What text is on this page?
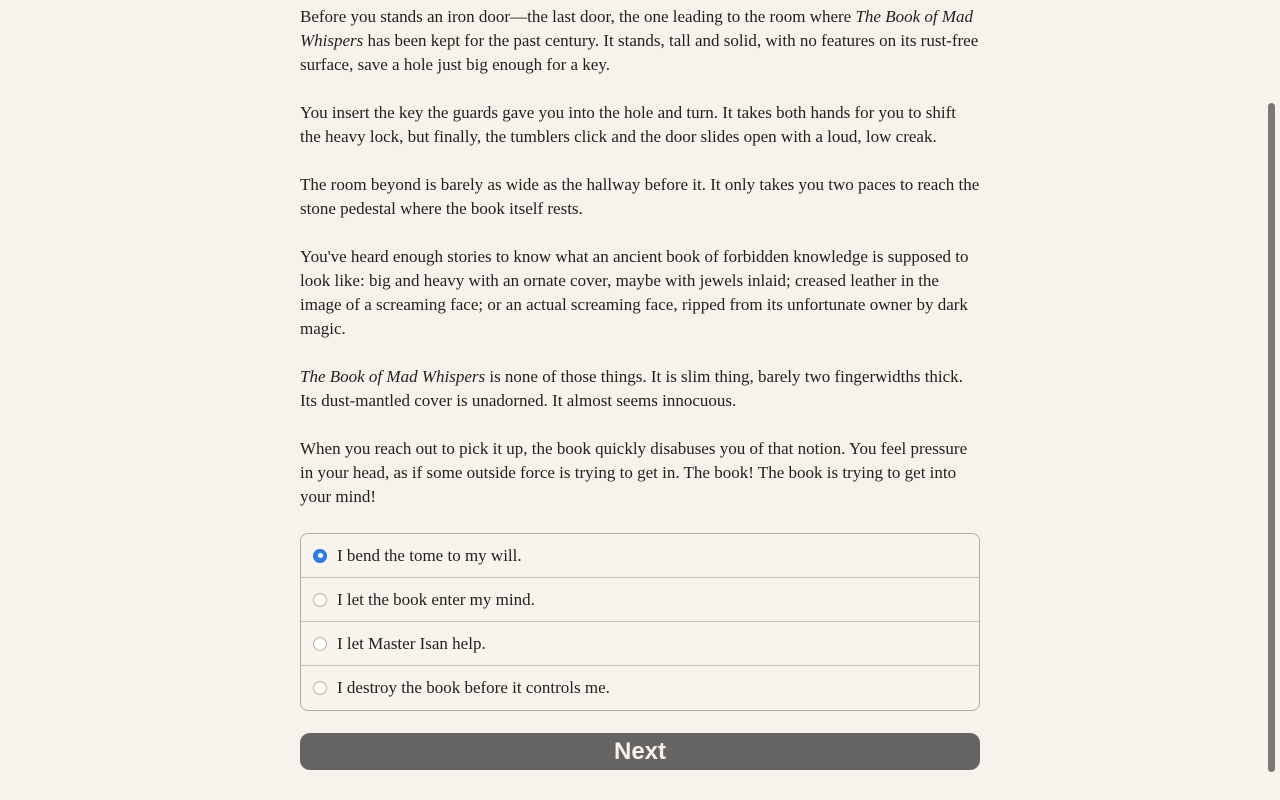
Before you stands an iron door—the last door, the one leading to the room where The Book of Mad Whispers has been kept for the past century. It stands, tall and solid, with no features on its rust-free surface, save a hole just big enough for a key.

You insert the key the guards gave you into the hole and turn. It takes both hands for you to shift the heavy lock, but finally, the tumblers click and the door slides open with a loud, low creak.

The room beyond is barely as wide as the hallway before it. It only takes you two paces to reach the stone pedestal where the book itself rests.

You've heard enough stories to know what an ancient book of forbidden knowledge is supposed to look like: big and heavy with an ornate cover, maybe with jewels inlaid; creased leather in the image of a screaming face; or an actual screaming face, ripped from its unfortunate owner by dark magic.

The Book of Mad Whispers is none of those things. It is slim thing, barely two fingerwidths thick. Its dust-mantled cover is unadorned. It almost seems innocuous.

When you reach out to pick it up, the book quickly disabuses you of that notion. You feel pressure in your head, as if some outside force is trying to get in. The book! The book is trying to get into your mind!

I bend the tome to my will.
I let the book enter my mind.
I let Master Isan help.
I destroy the book before it controls me.
Next
